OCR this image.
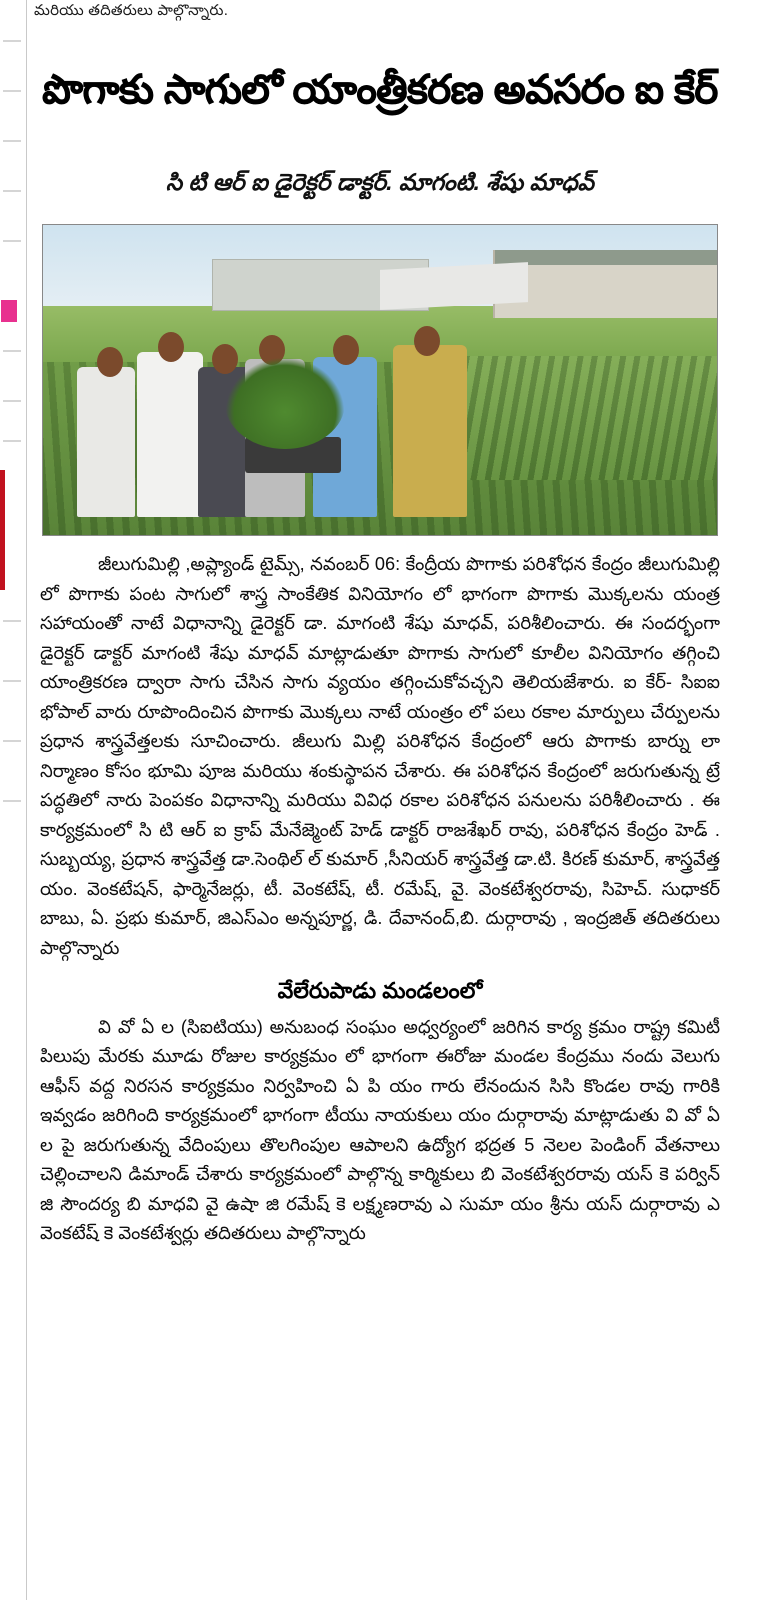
మరియు తదితరులు పాల్గొన్నారు.
పొగాకు సాగులో యాంత్రీకరణ అవసరం ఐ కేర్
సి టి ఆర్ ఐ డైరెక్టర్ డాక్టర్. మాగంటి. శేషు మాధవ్

జీలుగుమిల్లి ,అప్ల్యాండ్ టైమ్స్, నవంబర్ 06: కేంద్రీయ పొగాకు పరిశోధన కేంద్రం జీలుగుమిల్లి లో పొగాకు పంట సాగులో శాస్త్ర సాంకేతిక వినియోగం లో భాగంగా పొగాకు మొక్కలను యంత్ర సహాయంతో నాటే విధానాన్ని డైరెక్టర్ డా. మాగంటి శేషు మాధవ్, పరిశీలించారు. ఈ సందర్భంగా డైరెక్టర్ డాక్టర్ మాగంటి శేషు మాధవ్ మాట్లాడుతూ పొగాకు సాగులో కూలీల వినియోగం తగ్గించి యాంత్రికరణ ద్వారా సాగు చేసిన సాగు వ్యయం తగ్గించుకోవచ్చని తెలియజేశారు. ఐ కేర్- సిఐఐ భోపాల్ వారు రూపొందించిన పొగాకు మొక్కలు నాటే యంత్రం లో పలు రకాల మార్పులు చేర్పులను ప్రధాన శాస్త్రవేత్తలకు సూచించారు. జీలుగు మిల్లి పరిశోధన కేంద్రంలో ఆరు పొగాకు బార్ను లా నిర్మాణం కోసం భూమి పూజ మరియు శంకుస్థాపన చేశారు. ఈ పరిశోధన కేంద్రంలో జరుగుతున్న ట్రే పద్ధతిలో నారు పెంపకం విధానాన్ని మరియు వివిధ రకాల పరిశోధన పనులను పరిశీలించారు . ఈ కార్యక్రమంలో సి టి ఆర్ ఐ క్రాప్ మేనేజ్మెంట్ హెడ్ డాక్టర్ రాజశేఖర్ రావు, పరిశోధన కేంద్రం హెడ్ . సుబ్బయ్య, ప్రధాన శాస్త్రవేత్త డా.సెంథిల్ ల్ కుమార్ ,సీనియర్ శాస్త్రవేత్త డా.టి. కిరణ్ కుమార్, శాస్త్రవేత్త యం. వెంకటేషన్, ఫార్మెనేజర్లు, టీ. వెంకటేష్, టీ. రమేష్, వై. వెంకటేశ్వరరావు, సిహెచ్. సుధాకర్ బాబు, ఏ. ప్రభు కుమార్, జిఎస్ఎం అన్నపూర్ణ, డి. దేవానంద్,బి. దుర్గారావు , ఇంద్రజిత్ తదితరులు పాల్గొన్నారు

వేలేరుపాడు మండలంలో

వి వో ఏ ల (సిఐటియు) అనుబంధ సంఘం అధ్వర్యంలో జరిగిన కార్య క్రమం రాష్ట్ర కమిటీ పిలుపు మేరకు మూడు రోజుల కార్యక్రమం లో భాగంగా ఈరోజు మండల కేంద్రము నందు వెలుగు ఆఫీస్ వద్ద నిరసన కార్యక్రమం నిర్వహించి ఏ పి యం గారు లేనందున సిసి కొండల రావు గారికి ఇవ్వడం జరిగింది కార్యక్రమంలో భాగంగా టీయు నాయకులు యం దుర్గారావు మాట్లాడుతు వి వో ఏ ల పై జరుగుతున్న వేదింపులు తొలగింపుల ఆపాలని ఉద్యోగ భద్రత 5 నెలల పెండింగ్ వేతనాలు చెల్లించాలని డిమాండ్ చేశారు కార్యక్రమంలో పాల్గొన్న కార్మికులు బి వెంకటేశ్వరరావు యస్ కె పర్విన్ జి సౌందర్య బి మాధవి వై ఉషా జి రమేష్ కె లక్ష్మణరావు ఎ సుమా యం శ్రీను యస్ దుర్గారావు ఎ వెంకటేష్ కె వెంకటేశ్వర్లు తదితరులు పాల్గొన్నారు
